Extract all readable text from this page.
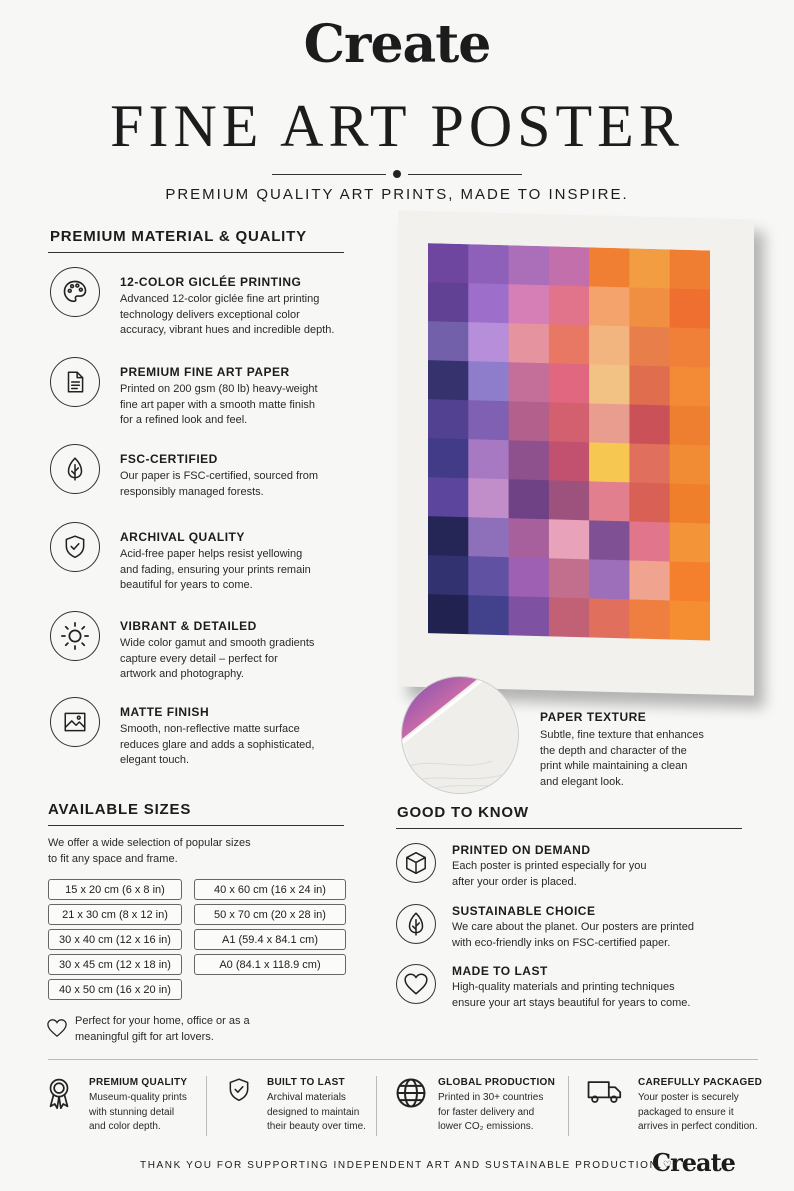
Create
FINE ART POSTER
PREMIUM QUALITY ART PRINTS, MADE TO INSPIRE.
PREMIUM MATERIAL & QUALITY
12-COLOR GICLÉE PRINTING
Advanced 12-color giclée fine art printing
technology delivers exceptional color
accuracy, vibrant hues and incredible depth.
PREMIUM FINE ART PAPER
Printed on 200 gsm (80 lb) heavy-weight
fine art paper with a smooth matte finish
for a refined look and feel.
FSC-CERTIFIED
Our paper is FSC-certified, sourced from
responsibly managed forests.
ARCHIVAL QUALITY
Acid-free paper helps resist yellowing
and fading, ensuring your prints remain
beautiful for years to come.
VIBRANT & DETAILED
Wide color gamut and smooth gradients
capture every detail – perfect for
artwork and photography.
MATTE FINISH
Smooth, non-reflective matte surface
reduces glare and adds a sophisticated,
elegant touch.
PAPER TEXTURE
Subtle, fine texture that enhances
the depth and character of the
print while maintaining a clean
and elegant look.
AVAILABLE SIZES
We offer a wide selection of popular sizes
to fit any space and frame.
15 x 20 cm (6 x 8 in)
21 x 30 cm (8 x 12 in)
30 x 40 cm (12 x 16 in)
30 x 45 cm (12 x 18 in)
40 x 50 cm (16 x 20 in)
40 x 60 cm (16 x 24 in)
50 x 70 cm (20 x 28 in)
A1 (59.4 x 84.1 cm)
A0 (84.1 x 118.9 cm)
Perfect for your home, office or as a
meaningful gift for art lovers.
GOOD TO KNOW
PRINTED ON DEMAND
Each poster is printed especially for you
after your order is placed.
SUSTAINABLE CHOICE
We care about the planet. Our posters are printed
with eco-friendly inks on FSC-certified paper.
MADE TO LAST
High-quality materials and printing techniques
ensure your art stays beautiful for years to come.
PREMIUM QUALITY
Museum-quality prints
with stunning detail
and color depth.
BUILT TO LAST
Archival materials
designed to maintain
their beauty over time.
GLOBAL PRODUCTION
Printed in 30+ countries
for faster delivery and
lower CO₂ emissions.
CAREFULLY PACKAGED
Your poster is securely
packaged to ensure it
arrives in perfect condition.
THANK YOU FOR SUPPORTING INDEPENDENT ART AND SUSTAINABLE PRODUCTION.♡
Create
